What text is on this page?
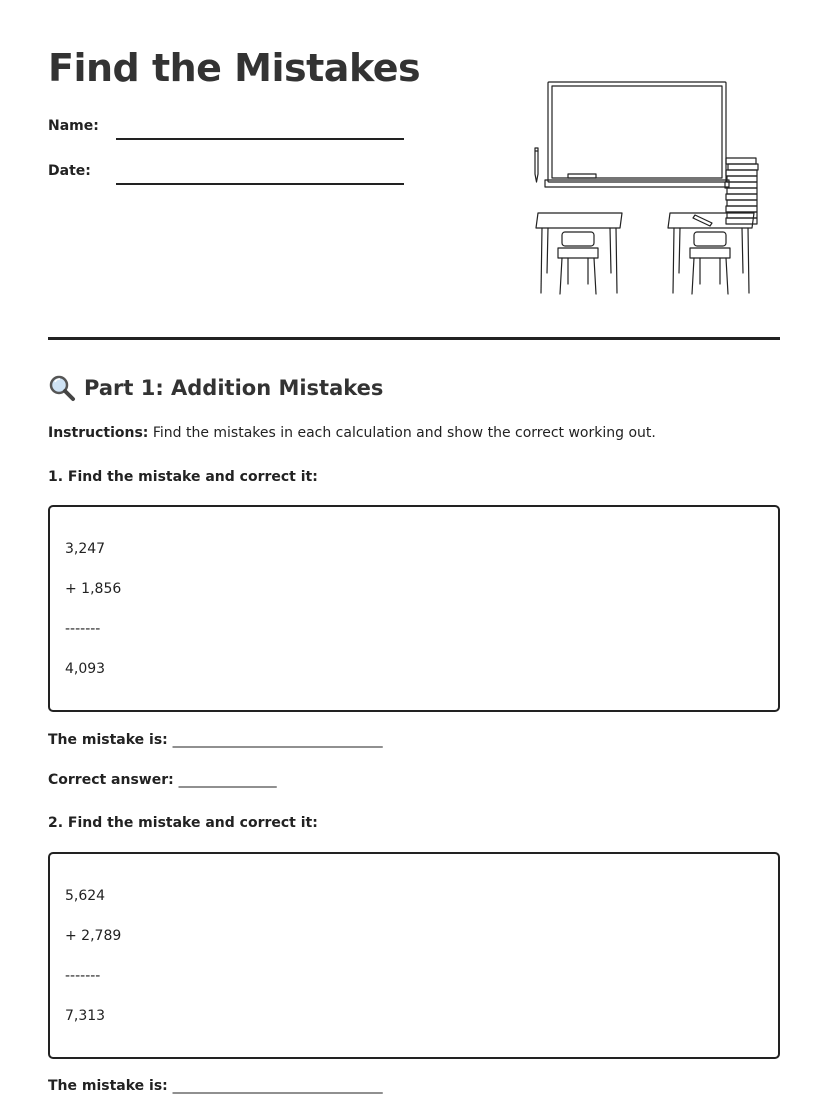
Find the Mistakes
Name:
Date:
Part 1: Addition Mistakes
Instructions: Find the mistakes in each calculation and show the correct working out.
1. Find the mistake and correct it:
3,247
+ 1,856
-------
4,093
The mistake is: ______________________________
Correct answer: ______________
2. Find the mistake and correct it:
5,624
+ 2,789
-------
7,313
The mistake is: ______________________________
